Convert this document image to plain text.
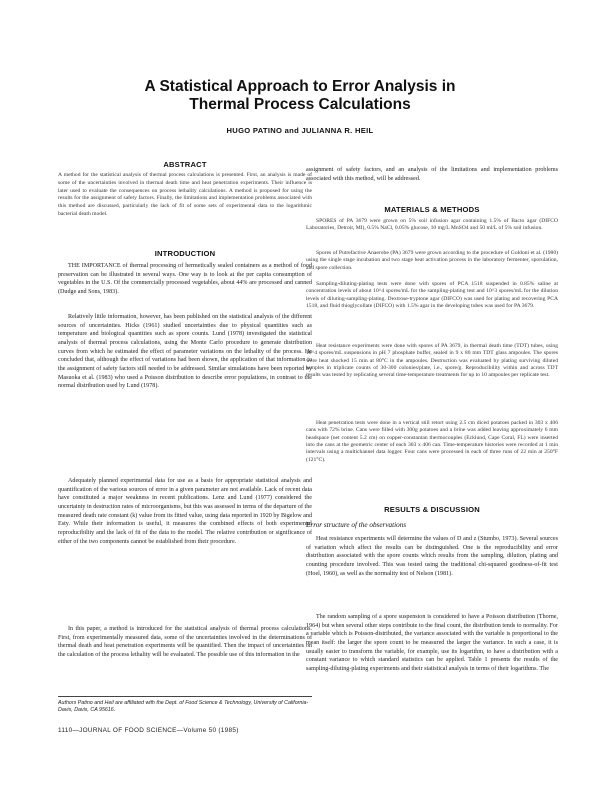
A Statistical Approach to Error Analysis in
Thermal Process Calculations
HUGO PATINO and JULIANNA R. HEIL
ABSTRACT
A method for the statistical analysis of thermal process calculations is presented. First, an analysis is made of some of the uncertainties involved in thermal death time and heat penetration experiments. Their influence is later used to evaluate the consequences on process lethality calculations. A method is proposed for using the results for the assignment of safety factors. Finally, the limitations and implementation problems associated with this method are discussed, particularly the lack of fit of some sets of experimental data to the logarithmic bacterial death model.
INTRODUCTION
THE IMPORTANCE of thermal processing of hermetically sealed containers as a method of food preservation can be illustrated in several ways. One way is to look at the per capita consumption of vegetables in the U.S. Of the commercially processed vegetables, about 44% are processed and canned (Dudge and Sons, 1983).
Relatively little information, however, has been published on the statistical analysis of the different sources of uncertainties. Hicks (1961) studied uncertainties due to physical quantities such as temperature and biological quantities such as spore counts. Lund (1978) investigated the statistical analysis of thermal process calculations, using the Monte Carlo procedure to generate distribution curves from which he estimated the effect of parameter variations on the lethality of the process. He concluded that, although the effect of variations had been shown, the application of that information to the assignment of safety factors still needed to be addressed. Similar simulations have been reported by Masuoka et al. (1983) who used a Poisson distribution to describe error populations, in contrast to the normal distribution used by Lund (1978).
Adequately planned experimental data for use as a basis for appropriate statistical analysis and quantification of the various sources of error in a given parameter are not available. Lack of recent data have constituted a major weakness in recent publications. Lenz and Lund (1977) considered the uncertainty in destruction rates of microorganisms, but this was assessed in terms of the departure of the measured death rate constant (k) value from its fitted value, using data reported in 1920 by Bigelow and Esty. While their information is useful, it measures the combined effects of both experimental reproducibility and the lack of fit of the data to the model. The relative contribution or significance of either of the two components cannot be established from their procedure.
In this paper, a method is introduced for the statistical analysis of thermal process calculations. First, from experimentally measured data, some of the uncertainties involved in the determinations of thermal death and heat penetration experiments will be quantified. Then the impact of uncertainties on the calculation of the process lethality will be evaluated. The possible use of this information in the
Authors Patino and Heil are affiliated with the Dept. of Food Science & Technology, University of California-Davis, Davis, CA 95616.
1110—JOURNAL OF FOOD SCIENCE—Volume 50 (1985)
assignment of safety factors, and an analysis of the limitations and implementation problems associated with this method, will be addressed.
MATERIALS & METHODS
SPORES of PA 3679 were grown on 5% soil infusion agar containing 1.5% of Bacto agar (DIFCO Laboratories, Detroit, MI), 0.5% NaCl, 0.05% glucose, 10 mg/L MnSO4 and 50 ml/L of 5% soil infusion.
Spores of Putrefactive Anaerobe (PA) 3679 were grown according to the procedure of Goldoni et al. (1980) using the single stage incubation and two stage heat activation process in the laboratory fermenter, sporulation, and spore collection.
Sampling-diluting-plating tests were done with spores of PCA 1518 suspended in 0.85% saline at concentration levels of about 10^4 spores/mL for the sampling-plating test and 10^3 spores/mL for the dilution levels of diluting-sampling-plating. Dextrose-tryptone agar (DIFCO) was used for plating and recovering PCA 1518, and fluid thioglycollate (DIFCO) with 1.5% agar in the developing tubes was used for PA 3679.
Heat resistance experiments were done with spores of PA 3679, in thermal death time (TDT) tubes, using 10^4 spores/mL suspensions in pH 7 phosphate buffer, sealed in 9 x 80 mm TDT glass ampoules. The spores were heat shocked 15 min at 80°C in the ampoules. Destruction was evaluated by plating surviving diluted samples in triplicate counts of 30-300 colonies/plate, i.e., spore/g. Reproducibility within and across TDT results was tested by replicating several time-temperature treatments for up to 10 ampoules per replicate test.
Heat penetration tests were done in a vertical still retort using 2.5 cm diced potatoes packed in 303 x 406 cans with 72% brine. Cans were filled with 300g potatoes and a brine was added leaving approximately 6 mm headspace (net content 5.2 cm) on copper-constantan thermocouples (Ecklund, Cape Coral, FL) were inserted into the cans at the geometric center of each 303 x 406 can. Time-temperature histories were recorded at 1 min intervals using a multichannel data logger. Four cans were processed in each of three runs of 22 min at 250°F (121°C).
RESULTS & DISCUSSION
Error structure of the observations
Heat resistance experiments will determine the values of D and z (Stumbo, 1973). Several sources of variation which affect the results can be distinguished. One is the reproducibility and error distribution associated with the spore counts which results from the sampling, dilution, plating and counting procedure involved. This was tested using the traditional chi-squared goodness-of-fit test (Hoel, 1960), as well as the normality test of Nelson (1981).
The random sampling of a spore suspension is considered to have a Poisson distribution (Thorne, 1964) but when several other steps contribute to the final count, the distribution tends to normality. For a variable which is Poisson-distributed, the variance associated with the variable is proportional to the mean itself: the larger the spore count to be measured the larger the variance. In such a case, it is usually easier to transform the variable, for example, use its logarithm, to have a distribution with a constant variance to which standard statistics can be applied. Table 1 presents the results of the sampling-diluting-plating experiments and their statistical analysis in terms of their logarithms. The
